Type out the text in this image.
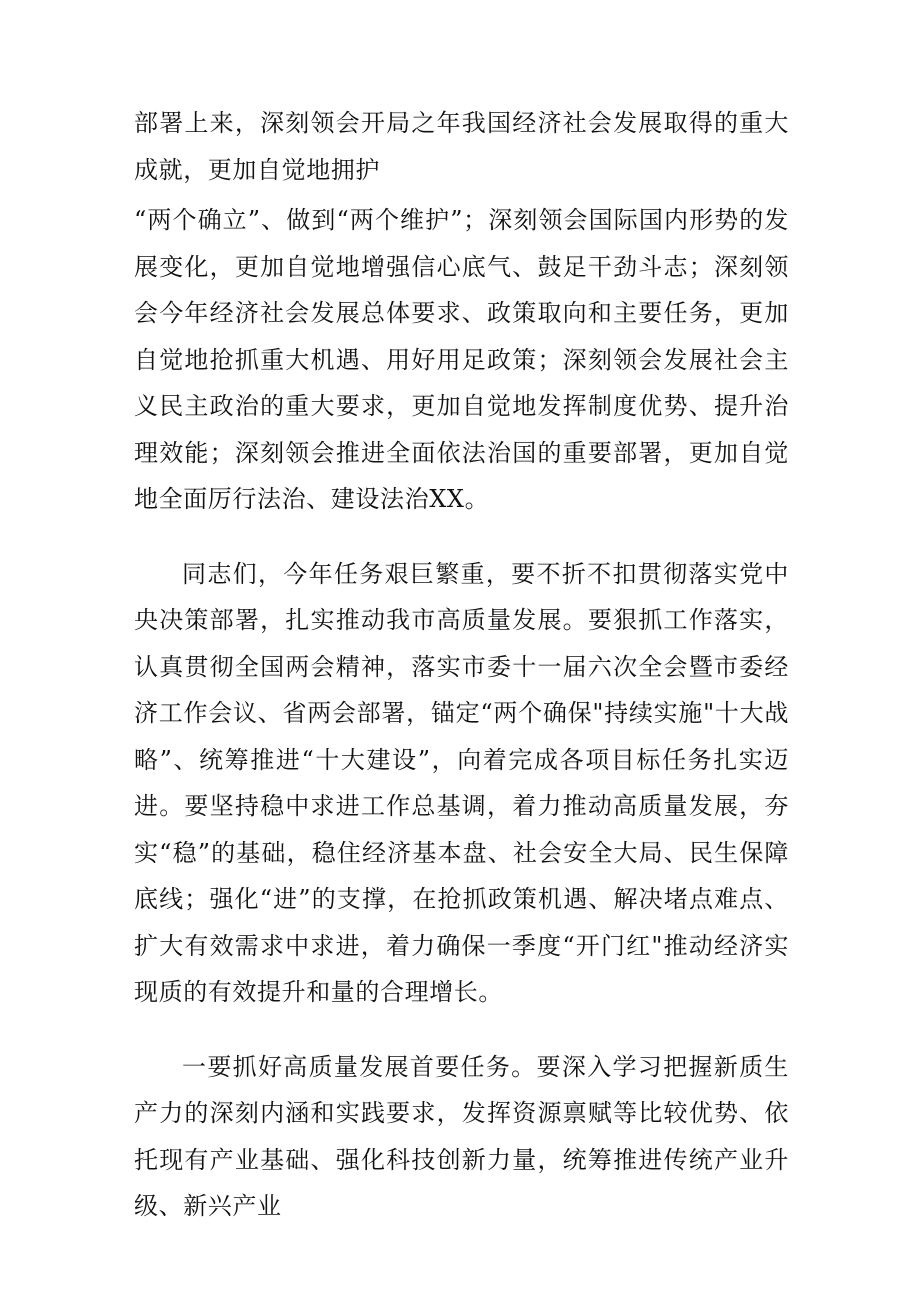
部署上来，深刻领会开局之年我国经济社会发展取得的重大成就，更加自觉地拥护

“两个确立”、做到“两个维护”；深刻领会国际国内形势的发展变化，更加自觉地增强信心底气、鼓足干劲斗志；深刻领会今年经济社会发展总体要求、政策取向和主要任务，更加自觉地抢抓重大机遇、用好用足政策；深刻领会发展社会主义民主政治的重大要求，更加自觉地发挥制度优势、提升治理效能；深刻领会推进全面依法治国的重要部署，更加自觉地全面厉行法治、建设法治XX。

同志们，今年任务艰巨繁重，要不折不扣贯彻落实党中央决策部署，扎实推动我市高质量发展。要狠抓工作落实，认真贯彻全国两会精神，落实市委十一届六次全会暨市委经济工作会议、省两会部署，锚定“两个确保"持续实施"十大战略”、统筹推进“十大建设”，向着完成各项目标任务扎实迈进。要坚持稳中求进工作总基调，着力推动高质量发展，夯实“稳”的基础，稳住经济基本盘、社会安全大局、民生保障底线；强化“进”的支撑，在抢抓政策机遇、解决堵点难点、扩大有效需求中求进，着力确保一季度“开门红"推动经济实现质的有效提升和量的合理增长。

一要抓好高质量发展首要任务。要深入学习把握新质生产力的深刻内涵和实践要求，发挥资源禀赋等比较优势、依托现有产业基础、强化科技创新力量，统筹推进传统产业升级、新兴产业
